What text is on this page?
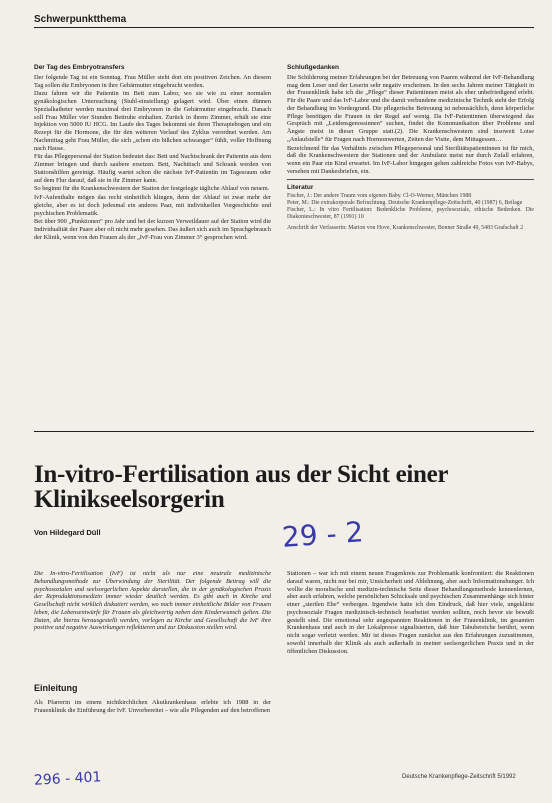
Schwerpunktthema
Der Tag des Embryotransfers

Der folgende Tag ist ein Sonntag. Frau Müller steht dort ein positiven Zeichen. An diesem Tag sollen die Embryonen in ihre Gebärmutter eingebracht werden.

Dazu fahren wir die Patientin im Bett zum Labor, wo sie wie zu einer normalen gynäkologischen Untersuchung (Stuhl-einstellung) gelagert wird. Über einen dünnen Spezialkatheter werden maximal drei Embryonen in die Gebärmutter eingebracht. Danach soll Frau Müller vier Stunden Bettruhe einhalten. Zurück in ihrem Zimmer, erhält sie eine Injektion von 5000 IU HCG. Im Laufe des Tages bekommt sie ihren Therapiebogen und ein Rezept für die Hormone, die für den weiteren Verlauf des Zyklus verordnet werden. Am Nachmittag geht Frau Müller, die sich „schon ein bißchen schwanger“ fühlt, voller Hoffnung nach Hause.

Für das Pflegepersonal der Station bedeutet das: Bett und Nachtschrank der Patientin aus dem Zimmer bringen und durch saubere ersetzen. Bett, Nachttisch und Schrank werden von Stationshilfen gereinigt. Häufig wartet schon die nächste IvF-Patientin im Tagesraum oder auf dem Flur darauf, daß sie in ihr Zimmer kann.

So beginnt für die Krankenschwestern der Station der festgelegte tägliche Ablauf von neuem.

IvF-Aufenthalte mögen das recht einheitlich klingen, denn der Ablauf ist zwar mehr der gleiche, aber es ist doch jedesmal ein anderes Paar, mit individuellen Vorgeschichte und psychischen Problematik.

Bei über 900 „Punktionen“ pro Jahr und bei der kurzen Verweildauer auf der Station wird die Individualität der Paare aber oft nicht mehr gesehen. Das äußert sich auch im Sprachgebrauch der Klinik, wenn von den Frauen als der „IvF-Frau von Zimmer 3“ gesprochen wird.

Schlußgedanken

Die Schilderung meiner Erfahrungen bei der Betreuung von Paaren während der IvF-Behandlung mag dem Leser und der Leserin sehr negativ erscheinen. In den sechs Jahren meiner Tätigkeit in der Frauenklinik habe ich die „Pflege“ dieser Patientinnen meist als eher unbefriedigend erlebt. Für die Paare und das IvF-Labor und die damit verbundene medizinische Technik steht der Erfolg der Behandlung im Vordergrund. Die pflegerische Betreuung ist nebensächlich, denn körperliche Pflege benötigen die Frauen in der Regel auf wenig. Da IvF-Patientinnen überwiegend das Gespräch mit „Leidensgenossinnen“ suchen, findet die Kommunikation über Probleme und Ängste meist in dieser Gruppe statt.(2). Die Krankenschwestern sind insoweit Lotse „Anlaufstelle“ für Fragen nach Hormonwerten, Zeiten der Visite, dem Mittagessen…

Bezeichnend für das Verhältnis zwischen Pflegepersonal und Sterilitätspatientinnen ist für mich, daß die Krankenschwestern der Stationen und der Ambulanz meist nur durch Zufall erfahren, wenn ein Paar ein Kind erwartet. Im IvF-Labor hingegen gehen zahlreiche Fotos von IvF-Babys, versehen mit Dankesbriefen, ein.

Literatur
Fischer, J.: Der andere Traum vom eigenen Baby. Cl-O-Werner, München 1988
Peter, M.: Die extrakorporale Befruchtung. Deutsche Krankenpflege-Zeitschrift, 40 (1987) 6, Beilage
Fischer, L.: In vitro Fertilisation: Bedenkliche Probleme, psychosoziale, ethische Bedenken. Die Diakonieschwester, 87 (1991) 10
Anschrift der Verfasserin: Marion von Hove, Krankenschwester, Bonner Straße 49, 5483 Grafschaft 2
In-vitro-Fertilisation aus der Sicht einer
Klinikseelsorgerin
Von Hildegard Düll	29 - 2
Die In-vitro-Fertilisation (IvF) ist nicht als nur eine neutrale medizinische Behandlungsmethode zur Überwindung der Sterilität. Der folgende Beitrag will die psychosozialen und seelsorgerlichen Aspekte darstellen, die in der gynäkologischen Praxis der Reproduktionsmedizin immer wieder deutlich werden. Es gibt auch in Kirche und Gesellschaft nicht wirklich diskutiert werden, wo noch immer einheitliche Bilder von Frauen leben, die Lebensentwürfe für Frauen als gleichwertig neben dem Kinderwunsch gelten. Die Daten, die hierzu herausgestellt werden, vorlegen zu Kirche und Gesellschaft die IvF ihre positive und negative Auswirkungen reflektieren und zur Diskussion stellen wird.
Einleitung
Als Pfarrerin im einem nichtkirchlichen Akutkrankenhaus erlebte ich 1988 in der Frauenklinik die Einführung der IvF. Unvorbereitet – wie alle Pflegenden auf den betroffenen

Stationen – war ich mit einem neuen Fragenkreis zur Problematik konfrontiert: die Reaktionen darauf waren, nicht nur bei mir, Unsicherheit und Ablehnung, aber auch Informationshunger. Ich wollte die moralische und medizin-technische Seite dieser Behandlungsmethode kennenlernen, aber auch erfahren, welche persönlichen Schicksale und psychischen Zusammenhänge sich hinter einer „sterilen Ehe“ verbergen. Irgendwie hatte ich den Eindruck, daß hier viele, ungeklärte psychosoziale Fragen medizinisch-technisch bearbeitet werden sollten, noch bevor sie bewußt gestellt sind. Die emotional sehr angespannten Reaktionen in der Frauenklinik, im gesamten Krankenhaus und auch in der Lokalpresse signalisierten, daß hier Tabubereiche berührt, wenn nicht sogar verletzt werden. Mir ist dieses Fragen zunächst aus den Erfahrungen zuzustimmen, sowohl innerhalb der Klinik als auch außerhalb in meiner seelsorgerlichen Praxis und in der öffentlichen Diskussion.

296 - 401	Deutsche Krankenpflege-Zeitschrift 5/1992
